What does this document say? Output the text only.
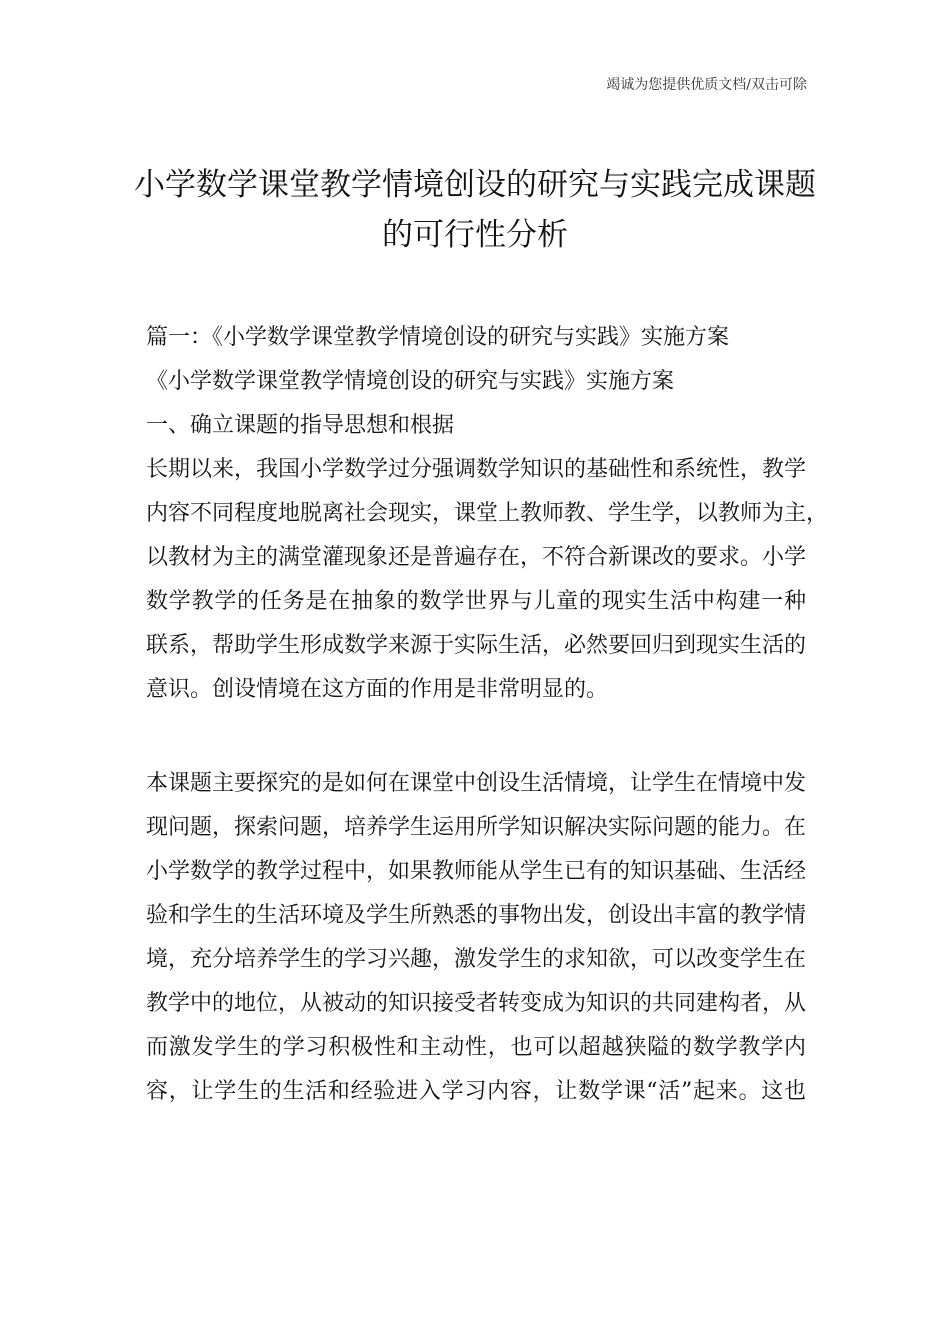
竭诚为您提供优质文档/双击可除
小学数学课堂教学情境创设的研究与实践完成课题
的可行性分析
篇一：《小学数学课堂教学情境创设的研究与实践》实施方案
《小学数学课堂教学情境创设的研究与实践》实施方案
一、确立课题的指导思想和根据
长期以来，我国小学数学过分强调数学知识的基础性和系统性，教学
内容不同程度地脱离社会现实，课堂上教师教、学生学，以教师为主，
以教材为主的满堂灌现象还是普遍存在，不符合新课改的要求。小学
数学教学的任务是在抽象的数学世界与儿童的现实生活中构建一种
联系，帮助学生形成数学来源于实际生活，必然要回归到现实生活的
意识。创设情境在这方面的作用是非常明显的。
本课题主要探究的是如何在课堂中创设生活情境，让学生在情境中发
现问题，探索问题，培养学生运用所学知识解决实际问题的能力。在
小学数学的教学过程中，如果教师能从学生已有的知识基础、生活经
验和学生的生活环境及学生所熟悉的事物出发，创设出丰富的教学情
境，充分培养学生的学习兴趣，激发学生的求知欲，可以改变学生在
教学中的地位，从被动的知识接受者转变成为知识的共同建构者，从
而激发学生的学习积极性和主动性，也可以超越狭隘的数学教学内
容，让学生的生活和经验进入学习内容，让数学课“活”起来。这也
